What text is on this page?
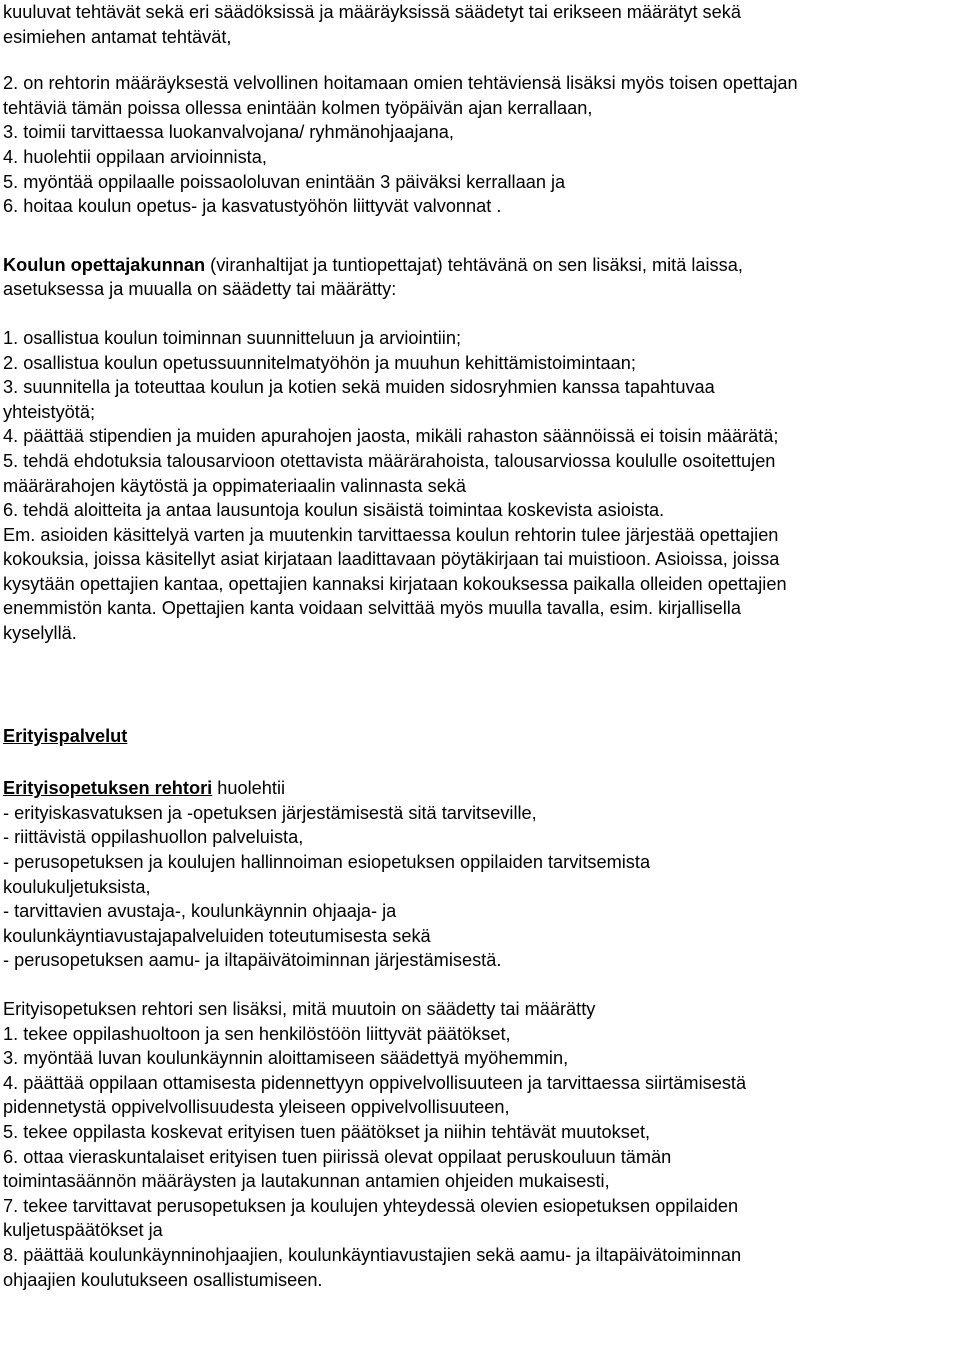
kuuluvat tehtävät sekä eri säädöksissä ja määräyksissä säädetyt tai erikseen määrätyt sekä
esimiehen antamat tehtävät,
2. on rehtorin määräyksestä velvollinen hoitamaan omien tehtäviensä lisäksi myös toisen opettajan
tehtäviä tämän poissa ollessa enintään kolmen työpäivän ajan kerrallaan,
3. toimii tarvittaessa luokanvalvojana/ ryhmänohjaajana,
4. huolehtii oppilaan arvioinnista,
5. myöntää oppilaalle poissaololuvan enintään 3 päiväksi kerrallaan ja
6. hoitaa koulun opetus- ja kasvatustyöhön liittyvät valvonnat .
Koulun opettajakunnan (viranhaltijat ja tuntiopettajat) tehtävänä on sen lisäksi, mitä laissa,
asetuksessa ja muualla on säädetty tai määrätty:
1. osallistua koulun toiminnan suunnitteluun ja arviointiin;
2. osallistua koulun opetussuunnitelmatyöhön ja muuhun kehittämistoimintaan;
3. suunnitella ja toteuttaa koulun ja kotien sekä muiden sidosryhmien kanssa tapahtuvaa
yhteistyötä;
4. päättää stipendien ja muiden apurahojen jaosta, mikäli rahaston säännöissä ei toisin määrätä;
5. tehdä ehdotuksia talousarvioon otettavista määrärahoista, talousarviossa koululle osoitettujen
määrärahojen käytöstä ja oppimateriaalin valinnasta sekä
6. tehdä aloitteita ja antaa lausuntoja koulun sisäistä toimintaa koskevista asioista.
Em. asioiden käsittelyä varten ja muutenkin tarvittaessa koulun rehtorin tulee järjestää opettajien
kokouksia, joissa käsitellyt asiat kirjataan laadittavaan pöytäkirjaan tai muistioon. Asioissa, joissa
kysytään opettajien kantaa, opettajien kannaksi kirjataan kokouksessa paikalla olleiden opettajien
enemmistön kanta. Opettajien kanta voidaan selvittää myös muulla tavalla, esim. kirjallisella
kyselyllä.
Erityispalvelut
Erityisopetuksen rehtori huolehtii
- erityiskasvatuksen ja -opetuksen järjestämisestä sitä tarvitseville,
- riittävistä oppilashuollon palveluista,
- perusopetuksen ja koulujen hallinnoiman esiopetuksen oppilaiden tarvitsemista
koulukuljetuksista,
- tarvittavien avustaja-, koulunkäynnin ohjaaja- ja
koulunkäyntiavustajapalveluiden toteutumisesta sekä
- perusopetuksen aamu- ja iltapäivätoiminnan järjestämisestä.
Erityisopetuksen rehtori sen lisäksi, mitä muutoin on säädetty tai määrätty
1. tekee oppilashuoltoon ja sen henkilöstöön liittyvät päätökset,
3. myöntää luvan koulunkäynnin aloittamiseen säädettyä myöhemmin,
4. päättää oppilaan ottamisesta pidennettyyn oppivelvollisuuteen ja tarvittaessa siirtämisestä
pidennetystä oppivelvollisuudesta yleiseen oppivelvollisuuteen,
5. tekee oppilasta koskevat erityisen tuen päätökset ja niihin tehtävät muutokset,
6. ottaa vieraskuntalaiset erityisen tuen piirissä olevat oppilaat peruskouluun tämän
toimintasäännön määräysten ja lautakunnan antamien ohjeiden mukaisesti,
7. tekee tarvittavat perusopetuksen ja koulujen yhteydessä olevien esiopetuksen oppilaiden
kuljetuspäätökset ja
8. päättää koulunkäynninohjaajien, koulunkäyntiavustajien sekä aamu- ja iltapäivätoiminnan
ohjaajien koulutukseen osallistumiseen.
